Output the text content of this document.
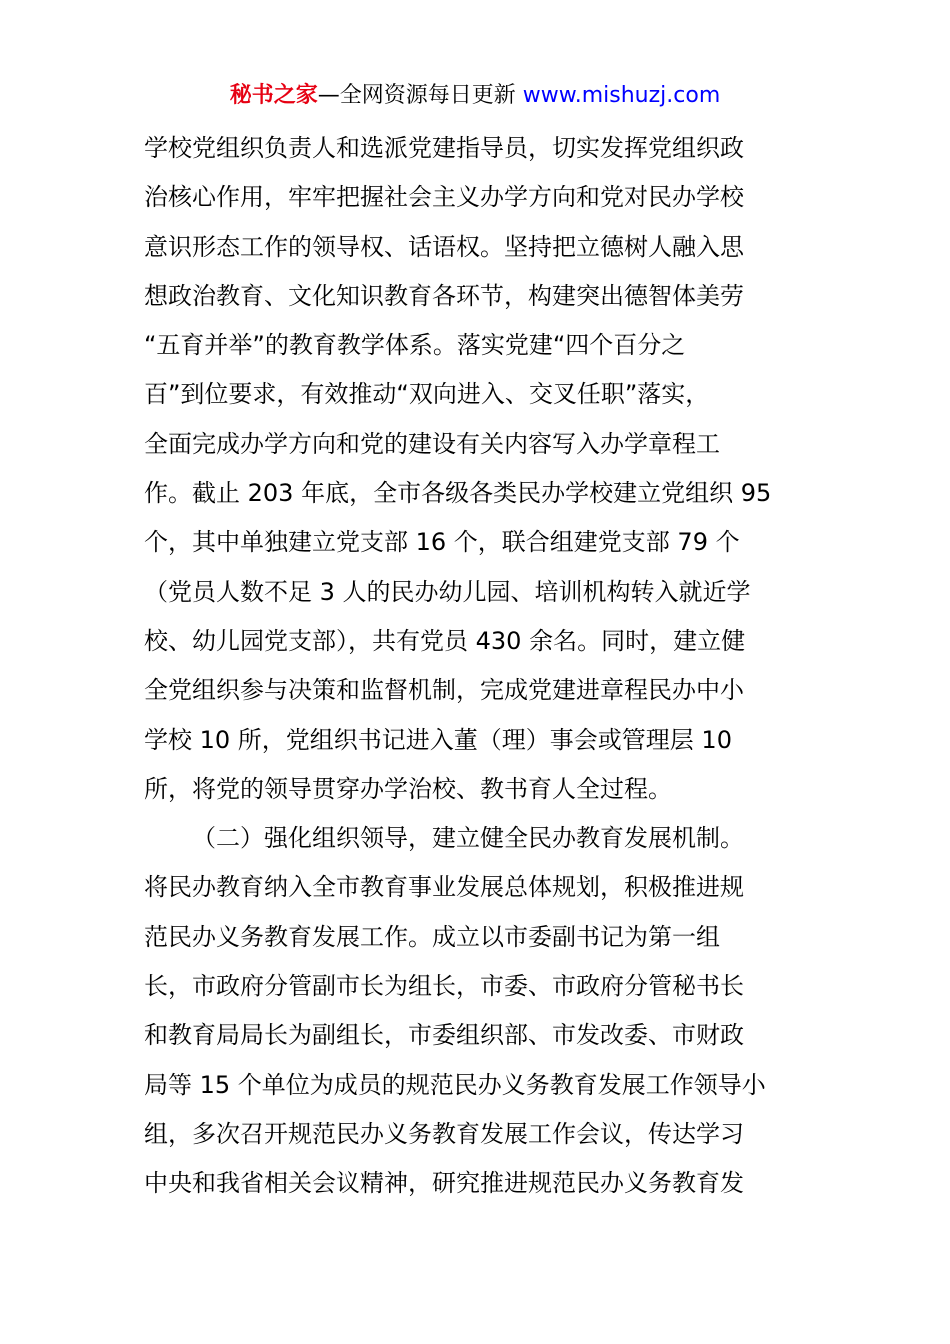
秘书之家—全网资源每日更新 www.mishuzj.com
学校党组织负责人和选派党建指导员，切实发挥党组织政
治核心作用，牢牢把握社会主义办学方向和党对民办学校
意识形态工作的领导权、话语权。坚持把立德树人融入思
想政治教育、文化知识教育各环节，构建突出德智体美劳
“五育并举”的教育教学体系。落实党建“四个百分之
百”到位要求，有效推动“双向进入、交叉任职”落实，
全面完成办学方向和党的建设有关内容写入办学章程工
作。截止 203 年底，全市各级各类民办学校建立党组织 95
个，其中单独建立党支部 16 个，联合组建党支部 79 个
（党员人数不足 3 人的民办幼儿园、培训机构转入就近学
校、幼儿园党支部），共有党员 430 余名。同时，建立健
全党组织参与决策和监督机制，完成党建进章程民办中小
学校 10 所，党组织书记进入董（理）事会或管理层 10
所，将党的领导贯穿办学治校、教书育人全过程。
（二）强化组织领导，建立健全民办教育发展机制。
将民办教育纳入全市教育事业发展总体规划，积极推进规
范民办义务教育发展工作。成立以市委副书记为第一组
长，市政府分管副市长为组长，市委、市政府分管秘书长
和教育局局长为副组长，市委组织部、市发改委、市财政
局等 15 个单位为成员的规范民办义务教育发展工作领导小
组，多次召开规范民办义务教育发展工作会议，传达学习
中央和我省相关会议精神，研究推进规范民办义务教育发
